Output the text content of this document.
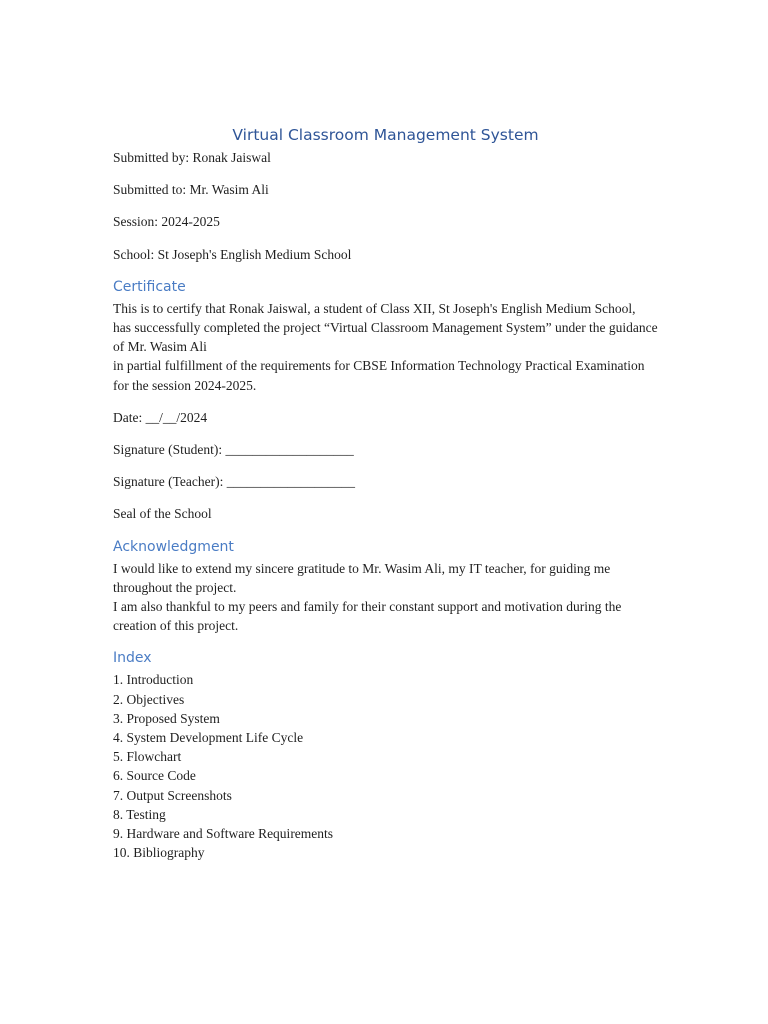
Virtual Classroom Management System

Submitted by: Ronak Jaiswal

Submitted to: Mr. Wasim Ali

Session: 2024-2025

School: St Joseph's English Medium School

Certificate
This is to certify that Ronak Jaiswal, a student of Class XII, St Joseph's English Medium School,
has successfully completed the project “Virtual Classroom Management System” under the guidance of Mr. Wasim Ali
in partial fulfillment of the requirements for CBSE Information Technology Practical Examination for the session 2024-2025.

Date: __/__/2024

Signature (Student): ___________________

Signature (Teacher): ___________________

Seal of the School

Acknowledgment
I would like to extend my sincere gratitude to Mr. Wasim Ali, my IT teacher, for guiding me throughout the project.
I am also thankful to my peers and family for their constant support and motivation during the creation of this project.
Index
1. Introduction
2. Objectives
3. Proposed System
4. System Development Life Cycle
5. Flowchart
6. Source Code
7. Output Screenshots
8. Testing
9. Hardware and Software Requirements
10. Bibliography
